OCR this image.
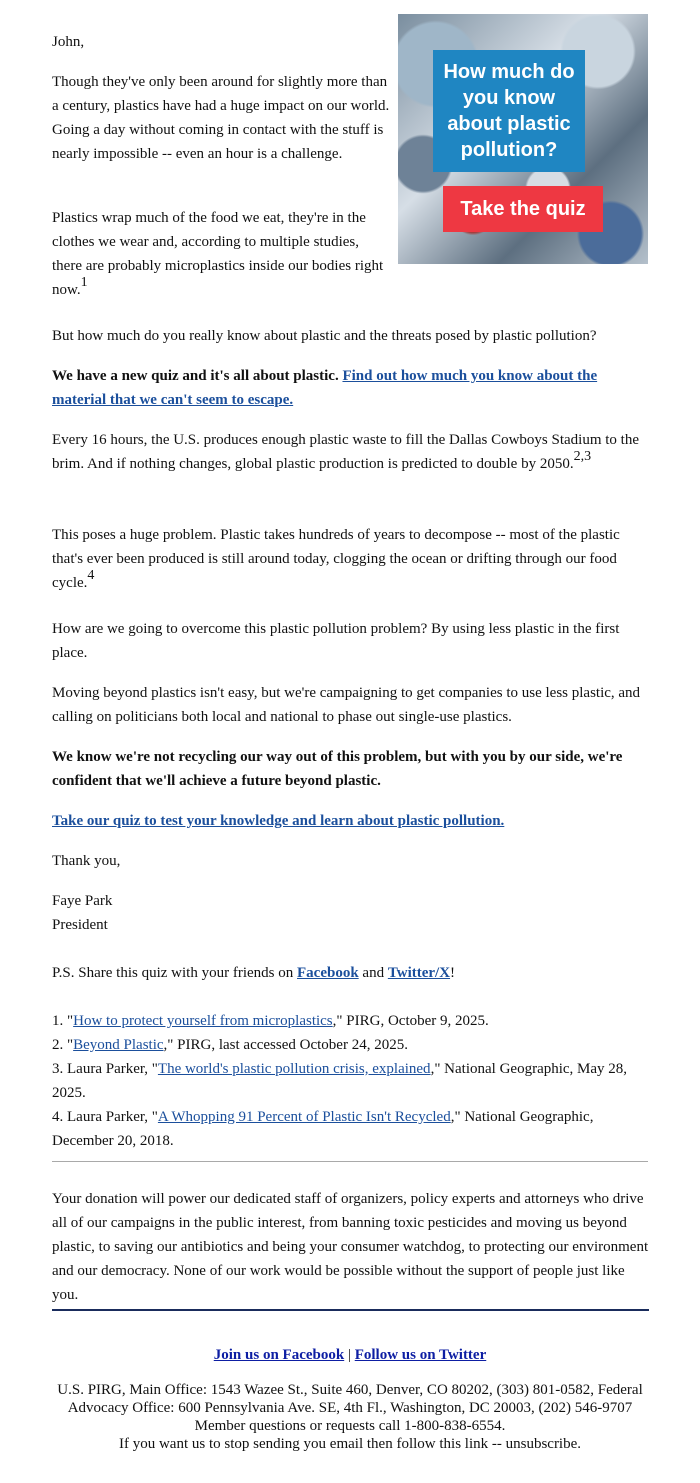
How much do you know about plastic pollution?
Take the quiz

John,

Though they've only been around for slightly more than a century, plastics have had a huge impact on our world. Going a day without coming in contact with the stuff is nearly impossible -- even an hour is a challenge.

Plastics wrap much of the food we eat, they're in the clothes we wear and, according to multiple studies, there are probably microplastics inside our bodies right now.$^1$

But how much do you really know about plastic and the threats posed by plastic pollution?

We have a new quiz and it's all about plastic. Find out how much you know about the material that we can't seem to escape.

Every 16 hours, the U.S. produces enough plastic waste to fill the Dallas Cowboys Stadium to the brim. And if nothing changes, global plastic production is predicted to double by 2050.$^{2,3}$

This poses a huge problem. Plastic takes hundreds of years to decompose -- most of the plastic that's ever been produced is still around today, clogging the ocean or drifting through our food cycle.$^4$

How are we going to overcome this plastic pollution problem? By using less plastic in the first place.

Moving beyond plastics isn't easy, but we're campaigning to get companies to use less plastic, and calling on politicians both local and national to phase out single-use plastics.

We know we're not recycling our way out of this problem, but with you by our side, we're confident that we'll achieve a future beyond plastic.

Take our quiz to test your knowledge and learn about plastic pollution.

Thank you,

Faye Park

President

P.S. Share this quiz with your friends on Facebook and Twitter/X!

1. "How to protect yourself from microplastics," PIRG, October 9, 2025.

2. "Beyond Plastic," PIRG, last accessed October 24, 2025.

3. Laura Parker, "The world's plastic pollution crisis, explained," National Geographic, May 28, 2025.

4. Laura Parker, "A Whopping 91 Percent of Plastic Isn't Recycled," National Geographic, December 20, 2018.

Your donation will power our dedicated staff of organizers, policy experts and attorneys who drive all of our campaigns in the public interest, from banning toxic pesticides and moving us beyond plastic, to saving our antibiotics and being your consumer watchdog, to protecting our environment and our democracy. None of our work would be possible without the support of people just like you.

Join us on Facebook | Follow us on Twitter

U.S. PIRG, Main Office: 1543 Wazee St., Suite 460, Denver, CO 80202, (303) 801-0582, Federal Advocacy Office: 600 Pennsylvania Ave. SE, 4th Fl., Washington, DC 20003, (202) 546-9707

Member questions or requests call 1-800-838-6554.

If you want us to stop sending you email then follow this link -- unsubscribe.
